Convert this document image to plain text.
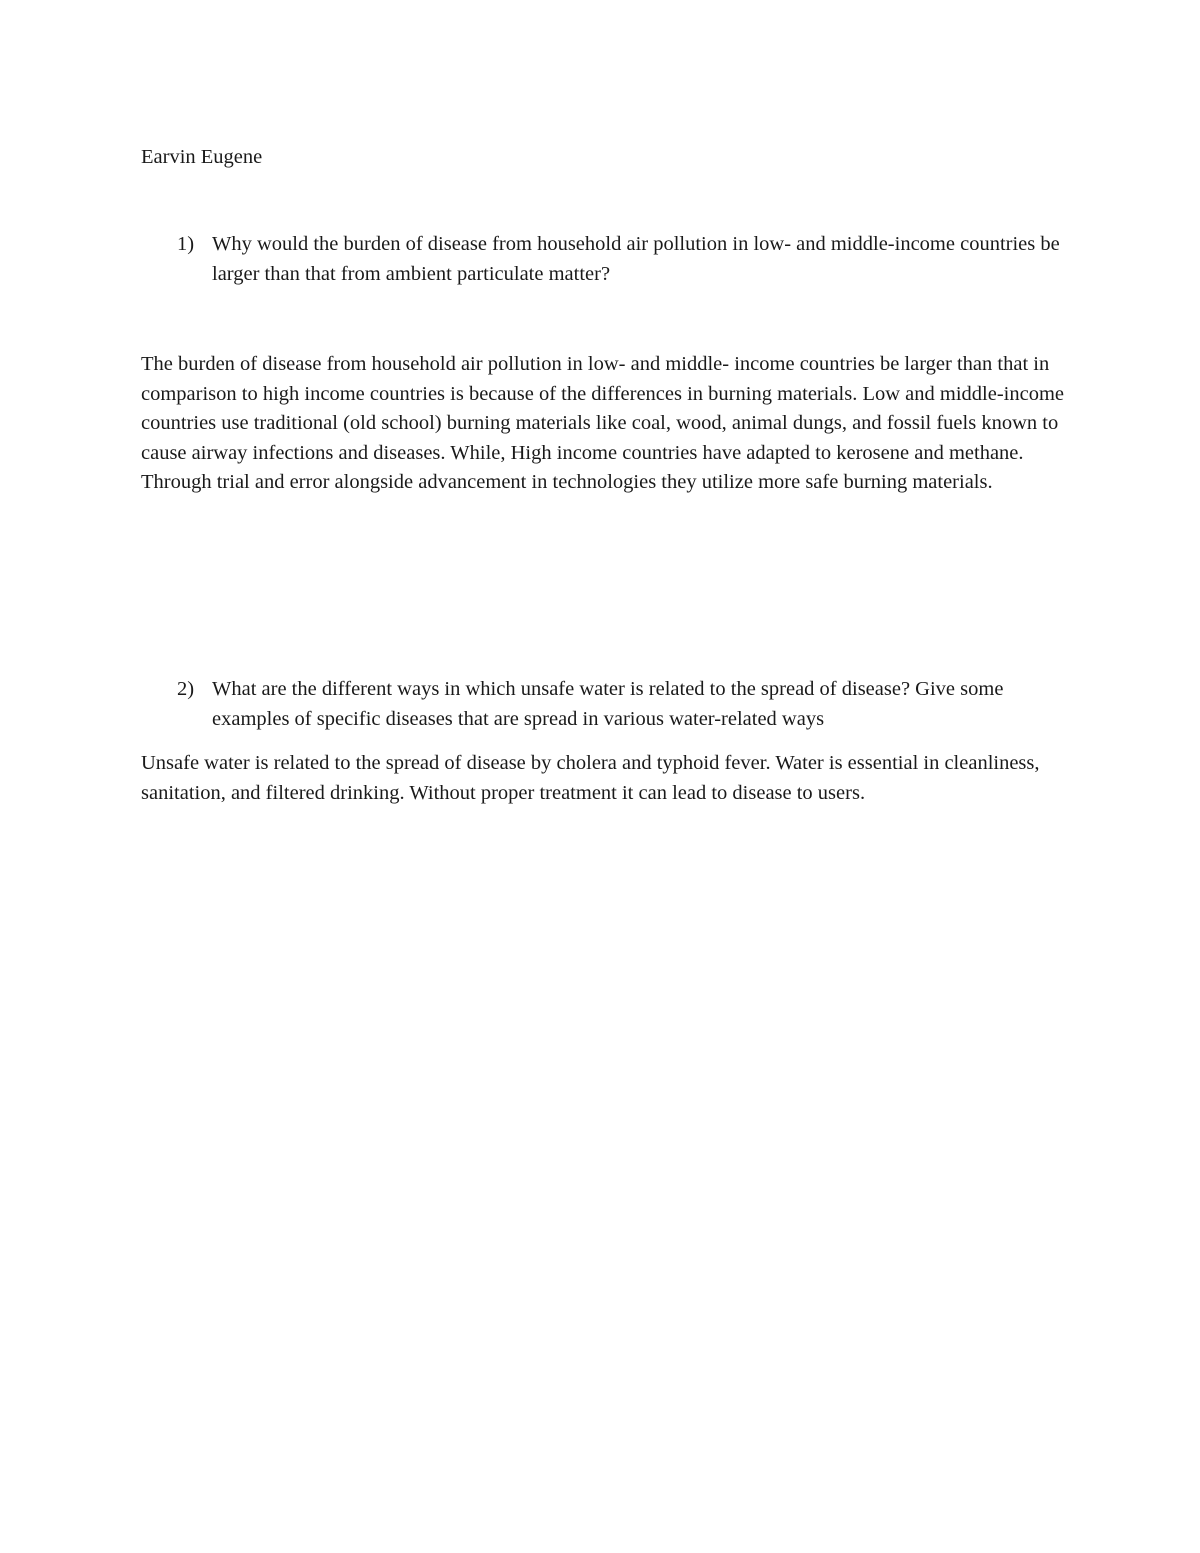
Earvin Eugene
1) Why would the burden of disease from household air pollution in low- and middle-income countries be larger than that from ambient particulate matter?

The burden of disease from household air pollution in low- and middle- income countries be larger than that in comparison to high income countries is because of the differences in burning materials. Low and middle-income countries use traditional (old school) burning materials like coal, wood, animal dungs, and fossil fuels known to cause airway infections and diseases. While, High income countries have adapted to kerosene and methane. Through trial and error alongside advancement in technologies they utilize more safe burning materials.

2) What are the different ways in which unsafe water is related to the spread of disease? Give some examples of specific diseases that are spread in various water-related ways

Unsafe water is related to the spread of disease by cholera and typhoid fever. Water is essential in cleanliness, sanitation, and filtered drinking. Without proper treatment it can lead to disease to users.
